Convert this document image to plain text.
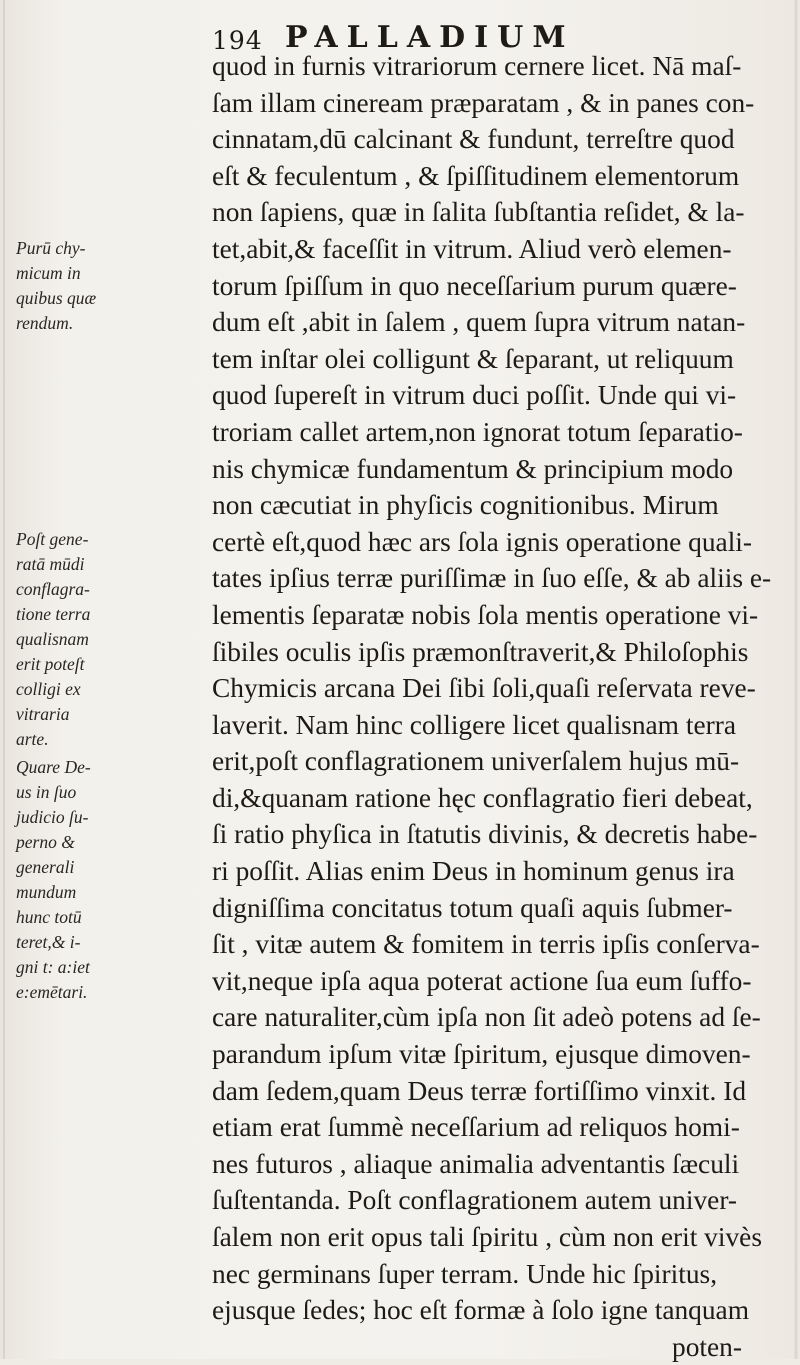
194 PALLADIUM
Purū chy-
micum in
quibus quæ
rendum.
Poſt gene-
ratā mūdi
conflagra-
tione terra
qualisnam
erit poteſt
colligi ex
vitraria
arte.
Quare De-
us in ſuo
judicio ſu-
perno &
generali
mundum
hunc totū
teret,& i-
gni t: a:iet
e:emētari.
quod in furnis vitrariorum cernere licet. Nā maſ-
ſam illam cineream præparatam , & in panes con-
cinnatam,dū calcinant & fundunt, terreſtre quod
eſt & feculentum , & ſpiſſitudinem elementorum
non ſapiens, quæ in ſalita ſubſtantia reſidet, & la-
tet,abit,& faceſſit in vitrum. Aliud verò elemen-
torum ſpiſſum in quo neceſſarium purum quære-
dum eſt ,abit in ſalem , quem ſupra vitrum natan-
tem inſtar olei colligunt & ſeparant, ut reliquum
quod ſupereſt in vitrum duci poſſit. Unde qui vi-
troriam callet artem,non ignorat totum ſeparatio-
nis chymicæ fundamentum & principium modo
non cæcutiat in phyſicis cognitionibus. Mirum
certè eſt,quod hæc ars ſola ignis operatione quali-
tates ipſius terræ puriſſimæ in ſuo eſſe, & ab aliis e-
lementis ſeparatæ nobis ſola mentis operatione vi-
ſibiles oculis ipſis præmonſtraverit,& Philoſophis
Chymicis arcana Dei ſibi ſoli,quaſi reſervata reve-
laverit. Nam hinc colligere licet qualisnam terra
erit,poſt conflagrationem univerſalem hujus mū-
di,&quanam ratione hęc conflagratio fieri debeat,
ſi ratio phyſica in ſtatutis divinis, & decretis habe-
ri poſſit. Alias enim Deus in hominum genus ira
digniſſima concitatus totum quaſi aquis ſubmer-
ſit , vitæ autem & fomitem in terris ipſis conſerva-
vit,neque ipſa aqua poterat actione ſua eum ſuffo-
care naturaliter,cùm ipſa non ſit adeò potens ad ſe-
parandum ipſum vitæ ſpiritum, ejusque dimoven-
dam ſedem,quam Deus terræ fortiſſimo vinxit. Id
etiam erat ſummè neceſſarium ad reliquos homi-
nes futuros , aliaque animalia adventantis ſæculi
ſuſtentanda. Poſt conflagrationem autem univer-
ſalem non erit opus tali ſpiritu , cùm non erit vivès
nec germinans ſuper terram. Unde hic ſpiritus,
ejusque ſedes; hoc eſt formæ à ſolo igne tanquam
poten-
